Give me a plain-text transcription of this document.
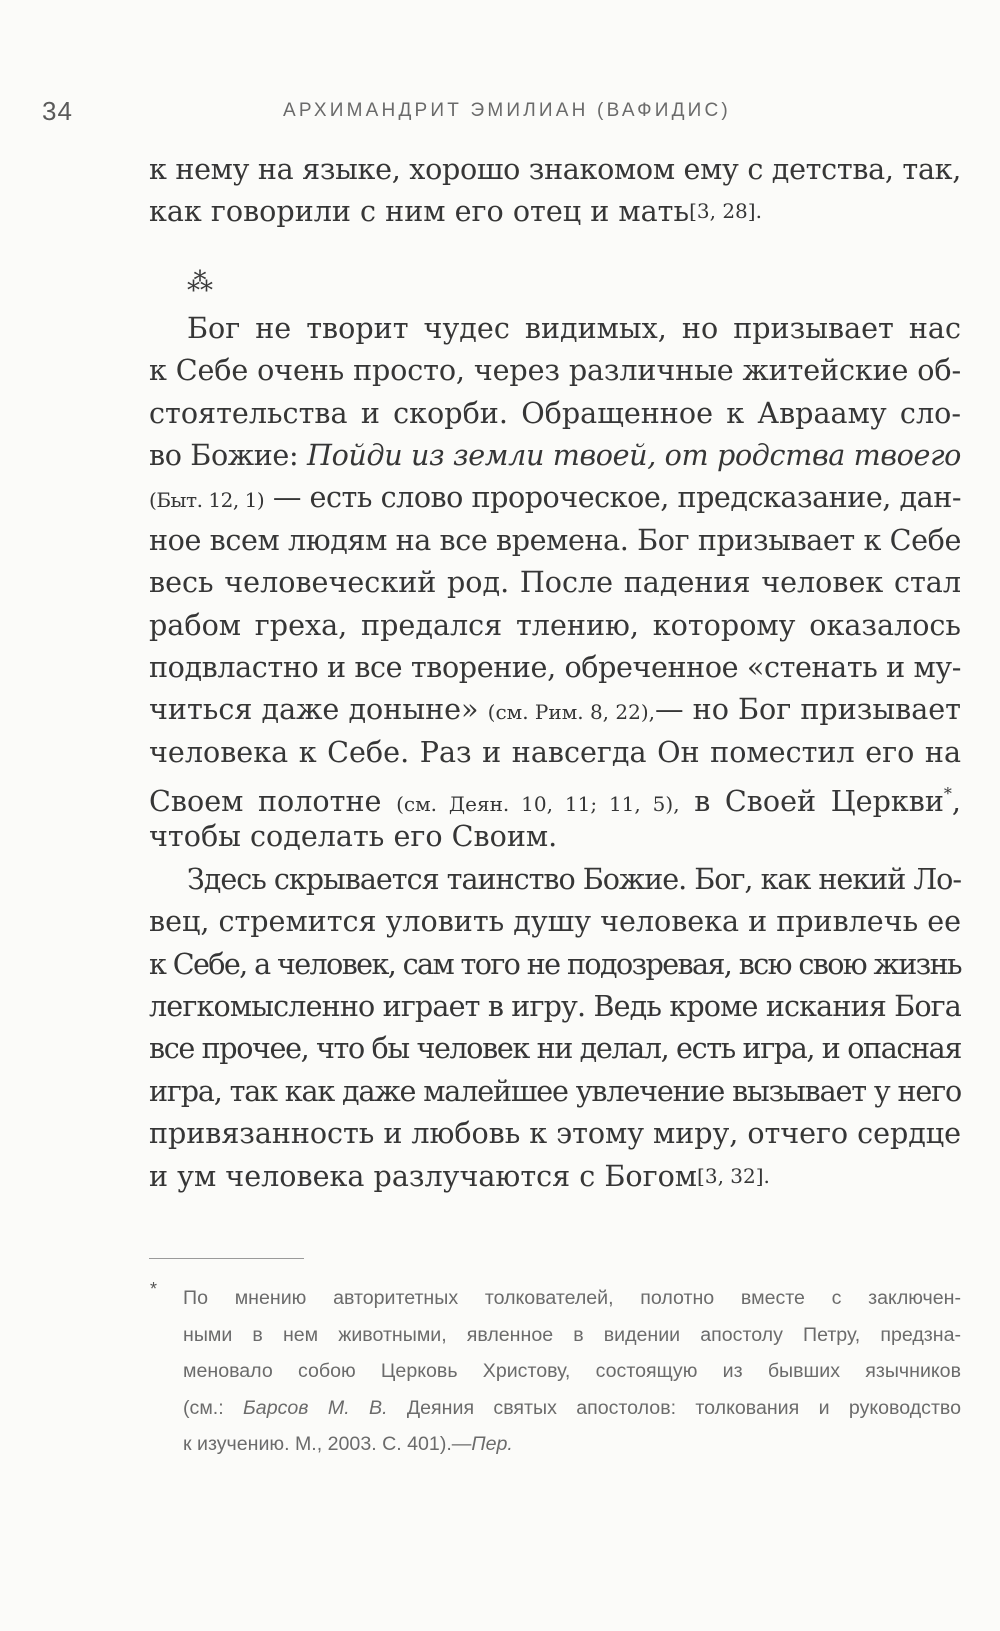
34	АРХИМАНДРИТ ЭМИЛИАН (ВАФИДИС)
к нему на языке, хорошо знакомом ему с детства, так,
как говорили с ним его отец и мать [3, 28].
⁂
Бог не творит чудес видимых, но призывает нас
к Себе очень просто, через различные житейские об-
стоятельства и скорби. Обращенное к Аврааму сло-
во Божие: Пойди из земли твоей, от родства твоего
(Быт. 12, 1) — есть слово пророческое, предсказание, дан-
ное всем людям на все времена. Бог призывает к Себе
весь человеческий род. После падения человек стал
рабом греха, предался тлению, которому оказалось
подвластно и все творение, обреченное «стенать и му-
читься даже доныне» (см. Рим. 8, 22),— но Бог призывает
человека к Себе. Раз и навсегда Он поместил его на
Своем полотне (см. Деян. 10, 11; 11, 5), в Своей Церкви*,
чтобы соделать его Своим.
Здесь скрывается таинство Божие. Бог, как некий Ло-
вец, стремится уловить душу человека и привлечь ее
к Себе, а человек, сам того не подозревая, всю свою жизнь
легкомысленно играет в игру. Ведь кроме искания Бога
все прочее, что бы человек ни делал, есть игра, и опасная
игра, так как даже малейшее увлечение вызывает у него
привязанность и любовь к этому миру, отчего сердце
и ум человека разлучаются с Богом [3, 32].
* По мнению авторитетных толкователей, полотно вместе с заключен-
ными в нем животными, явленное в видении апостолу Петру, предзна-
меновало собою Церковь Христову, состоящую из бывших язычников
(см.: Барсов М. В. Деяния святых апостолов: толкования и руководство
к изучению. М., 2003. С. 401).— Пер.
